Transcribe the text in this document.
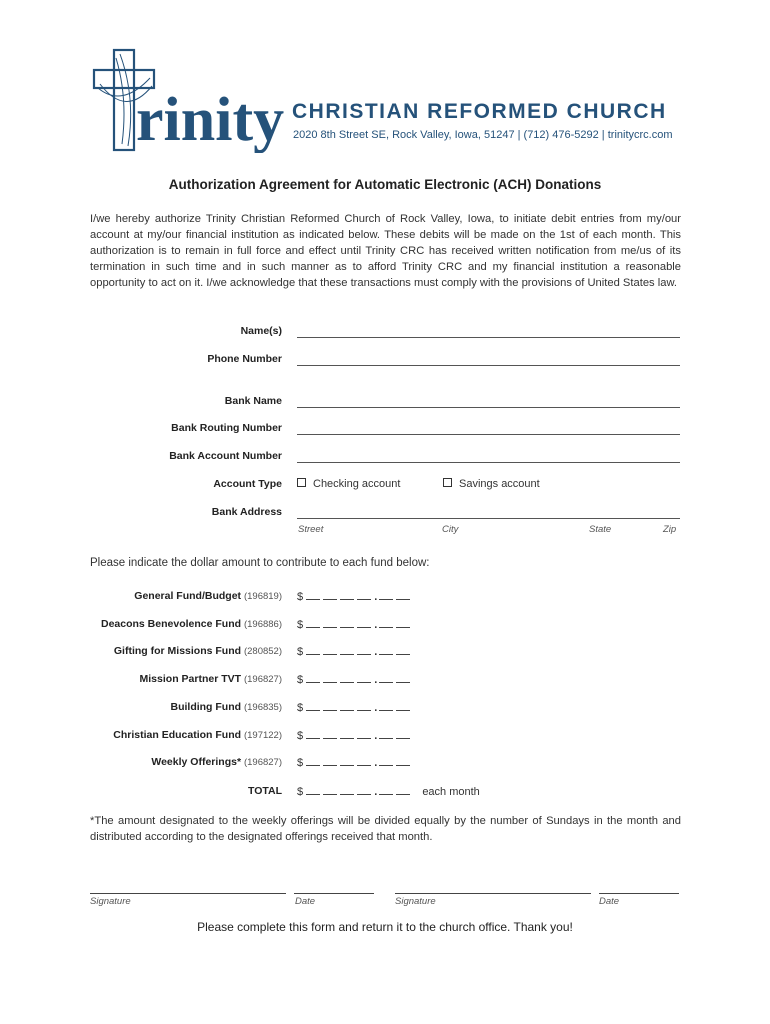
rinity CHRISTIAN REFORMED CHURCH
2020 8th Street SE, Rock Valley, Iowa, 51247 | (712) 476-5292 | trinitycrc.com
Authorization Agreement for Automatic Electronic (ACH) Donations
I/we hereby authorize Trinity Christian Reformed Church of Rock Valley, Iowa, to initiate debit entries from my/our account at my/our financial institution as indicated below. These debits will be made on the 1st of each month. This authorization is to remain in full force and effect until Trinity CRC has received written notification from me/us of its termination in such time and in such manner as to afford Trinity CRC and my financial institution a reasonable opportunity to act on it. I/we acknowledge that these transactions must comply with the provisions of United States law.
Name(s)
Phone Number
Bank Name
Bank Routing Number
Bank Account Number
Account Type	Checking account	Savings account
Bank Address
Street	City	State	Zip
Please indicate the dollar amount to contribute to each fund below:
General Fund/Budget (196819) $	.
Deacons Benevolence Fund (196886) $	.
Gifting for Missions Fund (280852) $	.
Mission Partner TVT (196827) $	.
Building Fund (196835) $	.
Christian Education Fund (197122) $	.
Weekly Offerings* (196827) $	.
TOTAL $	.	each month
*The amount designated to the weekly offerings will be divided equally by the number of Sundays in the month and distributed according to the designated offerings received that month.
Signature	Date	Signature	Date
Please complete this form and return it to the church office. Thank you!
